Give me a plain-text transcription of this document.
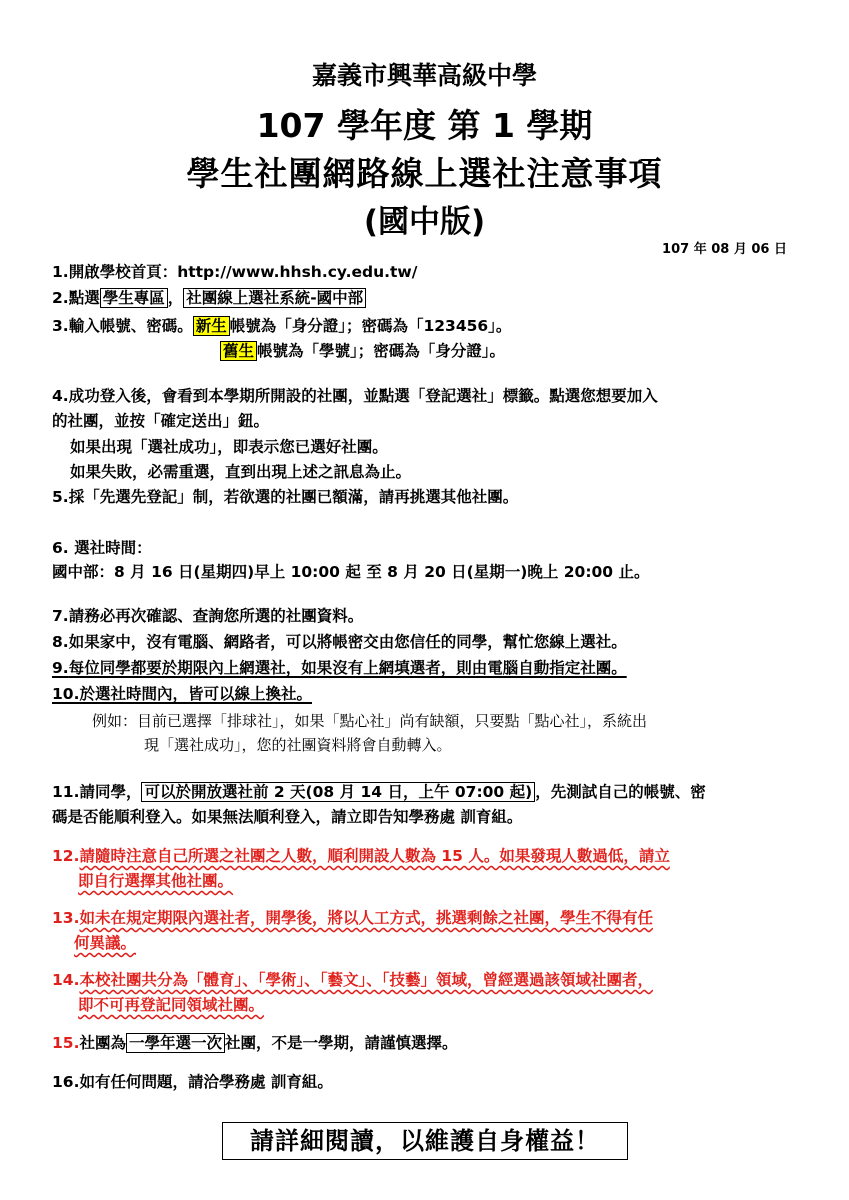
嘉義市興華高級中學
107 學年度 第 1 學期
學生社團網路線上選社注意事項
(國中版)
107 年 08 月 06 日
1.開啟學校首頁：http://www.hhsh.cy.edu.tw/
2.點選 學生專區 ， 社團線上選社系統-國中部
3.輸入帳號、密碼。 新生 帳號為「身分證」；密碼為「123456」。
舊生 帳號為「學號」；密碼為「身分證」。
4.成功登入後，會看到本學期所開設的社團，並點選「登記選社」標籤。點選您想要加入
的社團，並按「確定送出」鈕。
如果出現「選社成功」，即表示您已選好社團。
如果失敗，必需重選，直到出現上述之訊息為止。
5.採「先選先登記」制，若欲選的社團已額滿，請再挑選其他社團。
6. 選社時間：
國中部：8 月 16 日(星期四)早上 10:00 起 至 8 月 20 日(星期一)晚上 20:00 止。
7.請務必再次確認、查詢您所選的社團資料。
8.如果家中，沒有電腦、網路者，可以將帳密交由您信任的同學，幫忙您線上選社。
9.每位同學都要於期限內上網選社，如果沒有上網填選者，則由電腦自動指定社團。
10.於選社時間內，皆可以線上換社。
例如：目前已選擇「排球社」，如果「點心社」尚有缺額，只要點「點心社」，系統出
現「選社成功」，您的社團資料將會自動轉入。
11.請同學， 可以於開放選社前 2 天(08 月 14 日，上午 07:00 起) ，先測試自己的帳號、密
碼是否能順利登入。如果無法順利登入，請立即告知學務處 訓育組。
12.請隨時注意自己所選之社團之人數，順利開設人數為 15 人。如果發現人數過低，請立
即自行選擇其他社團。
13.如未在規定期限內選社者，開學後，將以人工方式，挑選剩餘之社團，學生不得有任
何異議。
14.本校社團共分為「體育」、「學術」、「藝文」、「技藝」領域，曾經選過該領域社團者，
即不可再登記同領域社團。
15.社團為 一學年選一次 社團，不是一學期，請謹慎選擇。
16.如有任何問題，請洽學務處 訓育組。
請詳細閱讀，以維護自身權益！
